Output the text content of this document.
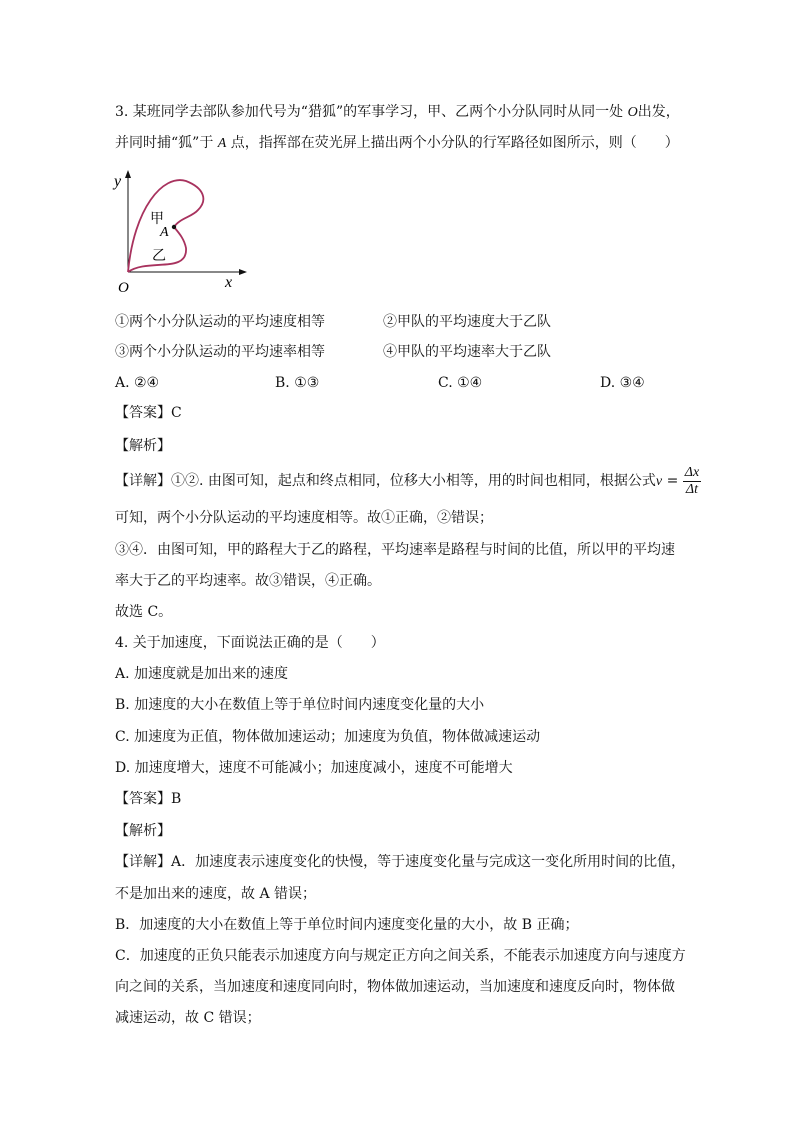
3. 某班同学去部队参加代号为“猎狐”的军事学习，甲、乙两个小分队同时从同一处 O出发，
并同时捕“狐”于 A 点，指挥部在荧光屏上描出两个小分队的行军路径如图所示，则（　　）
y
x
O
甲
A
乙
①两个小分队运动的平均速度相等	②甲队的平均速度大于乙队
③两个小分队运动的平均速率相等	④甲队的平均速率大于乙队
A. ②④	B. ①③	C. ①④	D. ③④
【答案】C
【解析】
【详解】①②. 由图可知，起点和终点相同，位移大小相等，用的时间也相同，根据公式$v = \frac{\Delta x}{\Delta t}$
可知，两个小分队运动的平均速度相等。故①正确，②错误；
③④．由图可知，甲的路程大于乙的路程，平均速率是路程与时间的比值，所以甲的平均速
率大于乙的平均速率。故③错误，④正确。
故选 C。
4. 关于加速度，下面说法正确的是（　　）
A. 加速度就是加出来的速度
B. 加速度的大小在数值上等于单位时间内速度变化量的大小
C. 加速度为正值，物体做加速运动；加速度为负值，物体做减速运动
D. 加速度增大，速度不可能减小；加速度减小，速度不可能增大
【答案】B
【解析】
【详解】A．加速度表示速度变化的快慢，等于速度变化量与完成这一变化所用时间的比值，
不是加出来的速度，故 A 错误；
B．加速度的大小在数值上等于单位时间内速度变化量的大小，故 B 正确；
C．加速度的正负只能表示加速度方向与规定正方向之间关系，不能表示加速度方向与速度方
向之间的关系，当加速度和速度同向时，物体做加速运动，当加速度和速度反向时，物体做
减速运动，故 C 错误；
